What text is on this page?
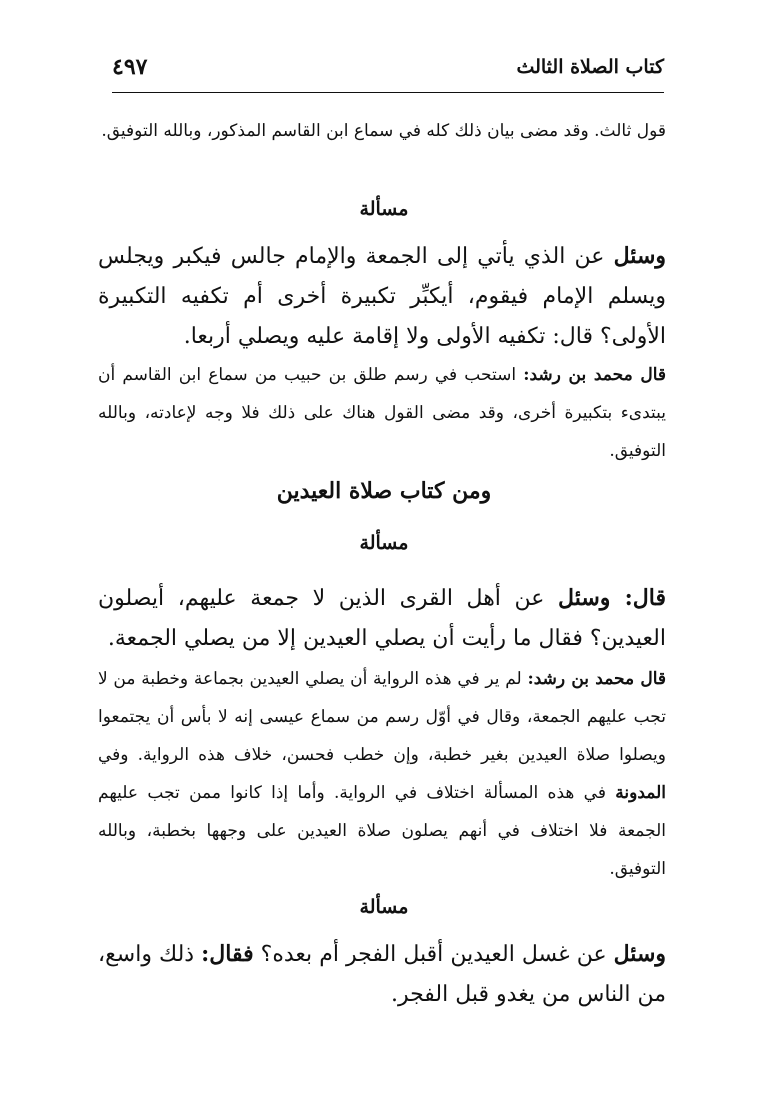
كتاب الصلاة الثالث
٤٩٧

قول ثالث. وقد مضى بيان ذلك كله في سماع ابن القاسم المذكور، وبالله التوفيق.

مسألة

وسئل عن الذي يأتي إلى الجمعة والإمام جالس فيكبر ويجلس ويسلم الإمام فيقوم، أيكبِّر تكبيرة أخرى أم تكفيه التكبيرة الأولى؟ قال: تكفيه الأولى ولا إقامة عليه ويصلي أربعا.

قال محمد بن رشد: استحب في رسم طلق بن حبيب من سماع ابن القاسم أن يبتدىء بتكبيرة أخرى، وقد مضى القول هناك على ذلك فلا وجه لإعادته، وبالله التوفيق.

ومن كتاب صلاة العيدين
مسألة

قال: وسئل عن أهل القرى الذين لا جمعة عليهم، أيصلون العيدين؟ فقال ما رأيت أن يصلي العيدين إلا من يصلي الجمعة.

قال محمد بن رشد: لم ير في هذه الرواية أن يصلي العيدين بجماعة وخطبة من لا تجب عليهم الجمعة، وقال في أوّل رسم من سماع عيسى إنه لا بأس أن يجتمعوا ويصلوا صلاة العيدين بغير خطبة، وإن خطب فحسن، خلاف هذه الرواية. وفي المدونة في هذه المسألة اختلاف في الرواية. وأما إذا كانوا ممن تجب عليهم الجمعة فلا اختلاف في أنهم يصلون صلاة العيدين على وجهها بخطبة، وبالله التوفيق.

مسألة

وسئل عن غسل العيدين أقبل الفجر أم بعده؟ فقال: ذلك واسع، من الناس من يغدو قبل الفجر.
